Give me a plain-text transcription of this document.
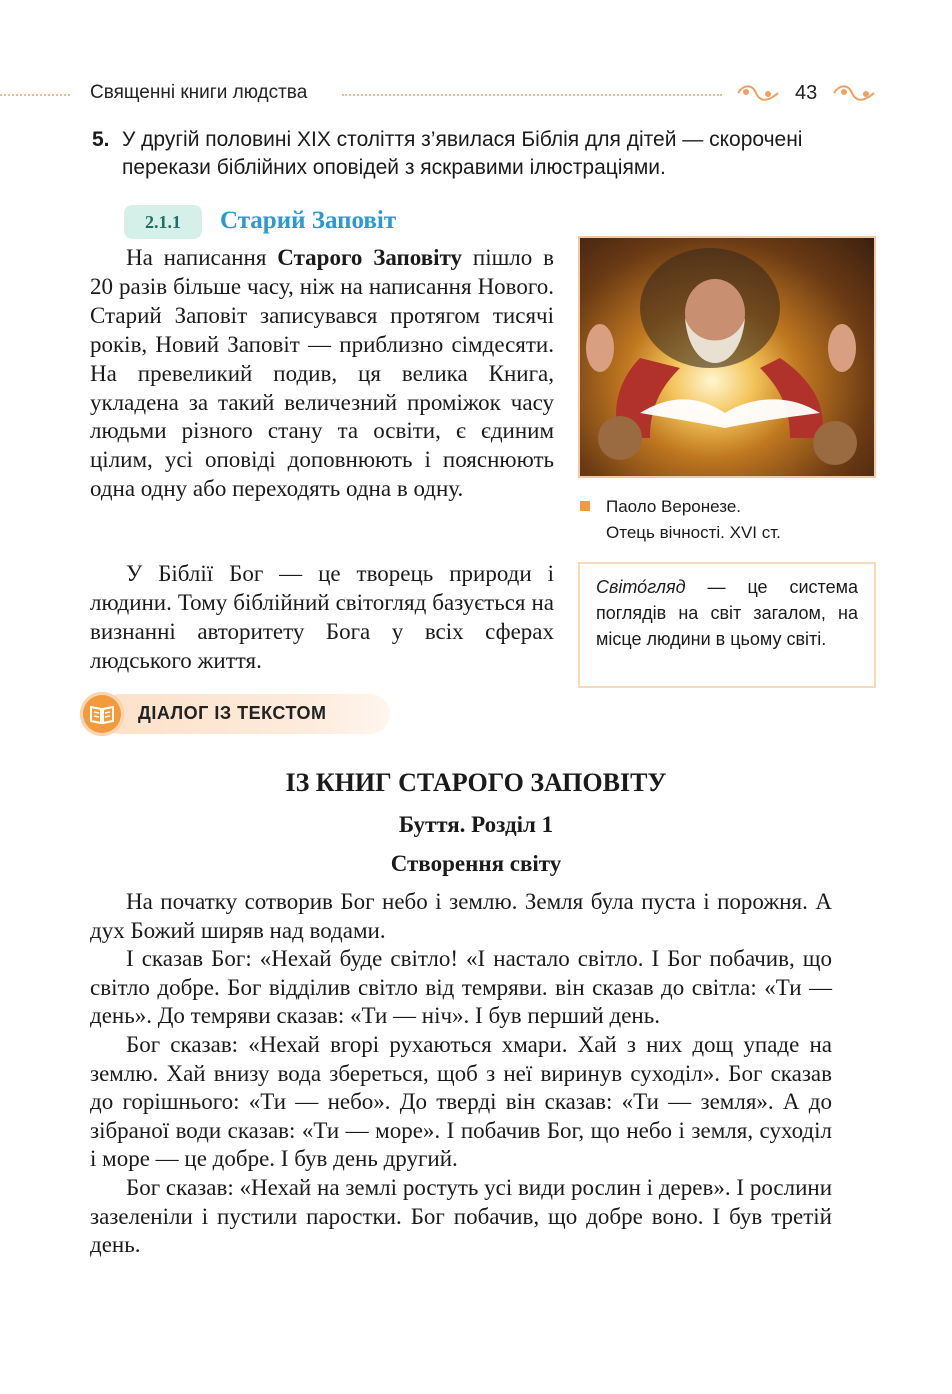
Священні книги людства	43
5. У другій половині XIX століття з’явилася Біблія для дітей — скорочені перекази біблійних оповідей з яскравими ілюстраціями.
2.1.1	Старий Заповіт

На написання Старого Заповіту пішло в 20 разів більше часу, ніж на написання Нового. Старий Заповіт записувався протягом тисячі років, Новий Заповіт — приблизно сімдесяти. На превеликий подив, ця велика Книга, укладена за такий величезний проміжок часу людьми різного стану та освіти, є єдиним цілим, усі оповіді доповнюють і пояснюють одна одну або переходять одна в одну.

У Біблії Бог — це творець природи і людини. Тому біблійний світогляд базується на визнанні авторитету Бога у всіх сферах людського життя.

Паоло Веронезе.
Отець вічності. XVI ст.
Світо́гляд — це система поглядів на світ загалом, на місце людини в цьому світі.
ДІАЛОГ ІЗ ТЕКСТОМ
ІЗ КНИГ СТАРОГО ЗАПОВІТУ
Буття. Розділ 1
Створення світу

На початку сотворив Бог небо і землю. Земля була пуста і порожня. А дух Божий ширяв над водами.

І сказав Бог: «Нехай буде світло! «І настало світло. І Бог побачив, що світло добре. Бог відділив світло від темряви. він сказав до світла: «Ти — день». До темряви сказав: «Ти — ніч». І був перший день.

Бог сказав: «Нехай вгорі рухаються хмари. Хай з них дощ упаде на землю. Хай внизу вода збереться, щоб з неї виринув суходіл». Бог сказав до горішнього: «Ти — небо». До тверді він сказав: «Ти — земля». А до зібраної води сказав: «Ти — море». І побачив Бог, що небо і земля, суходіл і море — це добре. І був день другий.

Бог сказав: «Нехай на землі ростуть усі види рослин і дерев». І рослини зазеленіли і пустили паростки. Бог побачив, що добре воно. І був третій день.
